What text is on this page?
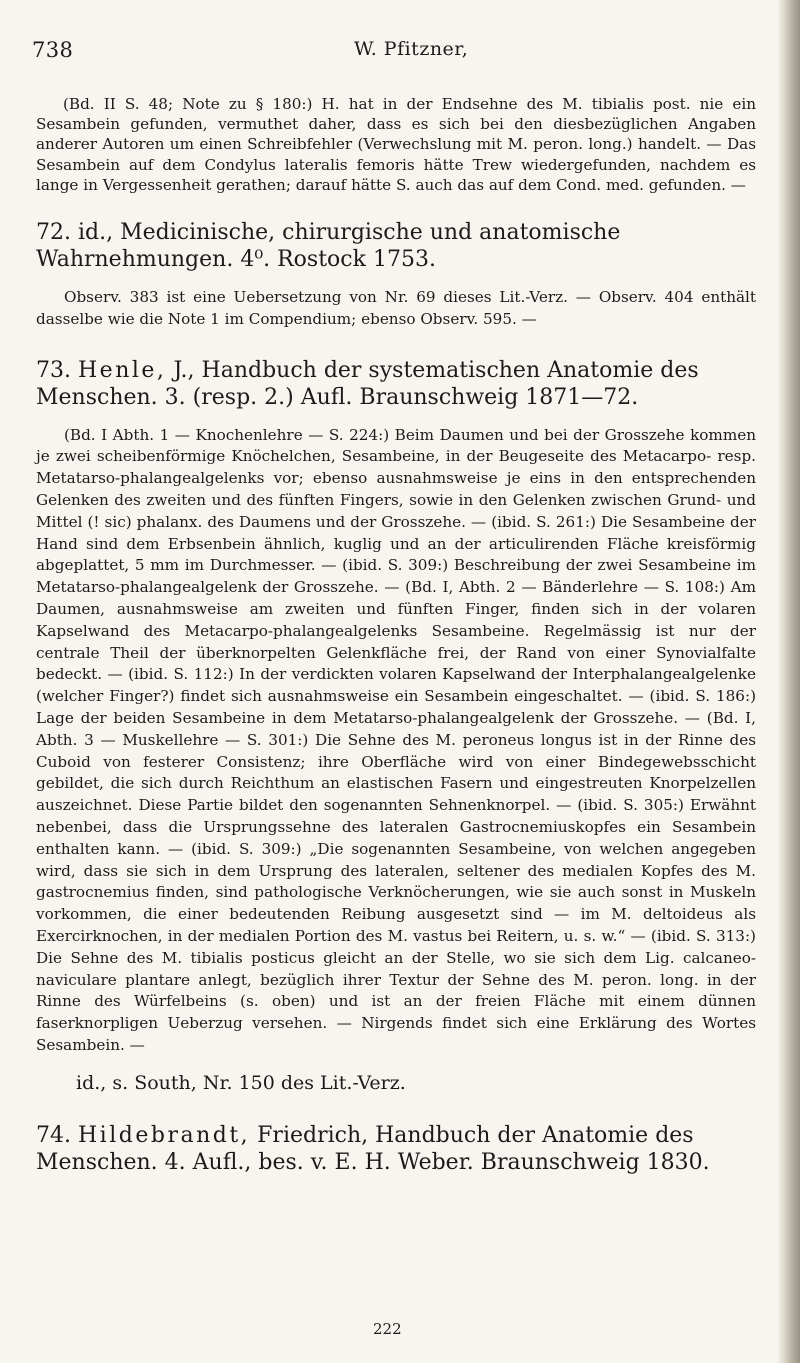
738	W. Pfitzner,

(Bd. II S. 48; Note zu § 180:) H. hat in der Endsehne des M. tibialis post. nie ein Sesambein gefunden, vermuthet daher, dass es sich bei den diesbezüglichen Angaben anderer Autoren um einen Schreibfehler (Verwechslung mit M. peron. long.) handelt. — Das Sesambein auf dem Condylus lateralis femoris hätte Trew wiedergefunden, nachdem es lange in Vergessenheit gerathen; darauf hätte S. auch das auf dem Cond. med. gefunden. —

72. id., Medicinische, chirurgische und anatomische Wahrnehmungen. 4⁰. Rostock 1753.

Observ. 383 ist eine Uebersetzung von Nr. 69 dieses Lit.-Verz. — Observ. 404 enthält dasselbe wie die Note 1 im Compendium; ebenso Observ. 595. —

73. Henle, J., Handbuch der systematischen Anatomie des Menschen. 3. (resp. 2.) Aufl. Braunschweig 1871—72.

(Bd. I Abth. 1 — Knochenlehre — S. 224:) Beim Daumen und bei der Grosszehe kommen je zwei scheibenförmige Knöchelchen, Sesambeine, in der Beugeseite des Metacarpo- resp. Metatarso-phalangealgelenks vor; ebenso ausnahmsweise je eins in den entsprechenden Gelenken des zweiten und des fünften Fingers, sowie in den Gelenken zwischen Grund- und Mittel (! sic) phalanx. des Daumens und der Grosszehe. — (ibid. S. 261:) Die Sesambeine der Hand sind dem Erbsenbein ähnlich, kuglig und an der articulirenden Fläche kreisförmig abgeplattet, 5 mm im Durchmesser. — (ibid. S. 309:) Beschreibung der zwei Sesambeine im Metatarso-phalangealgelenk der Grosszehe. — (Bd. I, Abth. 2 — Bänderlehre — S. 108:) Am Daumen, ausnahmsweise am zweiten und fünften Finger, finden sich in der volaren Kapselwand des Metacarpo-phalangealgelenks Sesambeine. Regelmässig ist nur der centrale Theil der überknorpelten Gelenkfläche frei, der Rand von einer Synovialfalte bedeckt. — (ibid. S. 112:) In der verdickten volaren Kapselwand der Interphalangealgelenke (welcher Finger?) findet sich ausnahmsweise ein Sesambein eingeschaltet. — (ibid. S. 186:) Lage der beiden Sesambeine in dem Metatarso-phalangealgelenk der Grosszehe. — (Bd. I, Abth. 3 — Muskellehre — S. 301:) Die Sehne des M. peroneus longus ist in der Rinne des Cuboid von festerer Consistenz; ihre Oberfläche wird von einer Bindegewebsschicht gebildet, die sich durch Reichthum an elastischen Fasern und eingestreuten Knorpelzellen auszeichnet. Diese Partie bildet den sogenannten Sehnenknorpel. — (ibid. S. 305:) Erwähnt nebenbei, dass die Ursprungssehne des lateralen Gastrocnemiuskopfes ein Sesambein enthalten kann. — (ibid. S. 309:) „Die sogenannten Sesambeine, von welchen angegeben wird, dass sie sich in dem Ursprung des lateralen, seltener des medialen Kopfes des M. gastrocnemius finden, sind pathologische Verknöcherungen, wie sie auch sonst in Muskeln vorkommen, die einer bedeutenden Reibung ausgesetzt sind — im M. deltoideus als Exercirknochen, in der medialen Portion des M. vastus bei Reitern, u. s. w.“ — (ibid. S. 313:) Die Sehne des M. tibialis posticus gleicht an der Stelle, wo sie sich dem Lig. calcaneo-naviculare plantare anlegt, bezüglich ihrer Textur der Sehne des M. peron. long. in der Rinne des Würfelbeins (s. oben) und ist an der freien Fläche mit einem dünnen faserknorpligen Ueberzug versehen. — Nirgends findet sich eine Erklärung des Wortes Sesambein. —

id., s. South, Nr. 150 des Lit.-Verz.
74. Hildebrandt, Friedrich, Handbuch der Anatomie des Menschen. 4. Aufl., bes. v. E. H. Weber. Braunschweig 1830.
222
